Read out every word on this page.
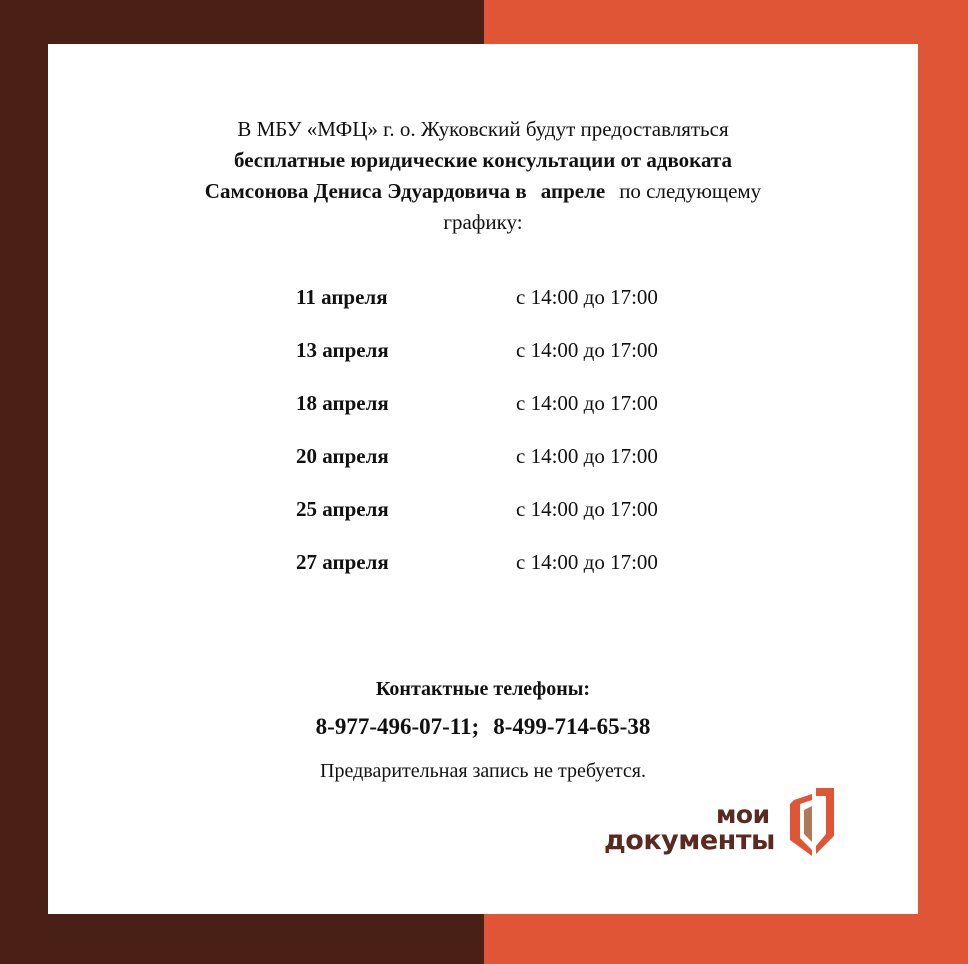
В МБУ «МФЦ» г. о. Жуковский будут предоставляться
бесплатные юридические консультации от адвоката
Самсонова Дениса Эдуардовича в апреле по следующему
графику:
11 апреля	с 14:00 до 17:00
13 апреля	с 14:00 до 17:00
18 апреля	с 14:00 до 17:00
20 апреля	с 14:00 до 17:00
25 апреля	с 14:00 до 17:00
27 апреля	с 14:00 до 17:00
Контактные телефоны:
8-977-496-07-11; 8-499-714-65-38
Предварительная запись не требуется.
мои
документы
